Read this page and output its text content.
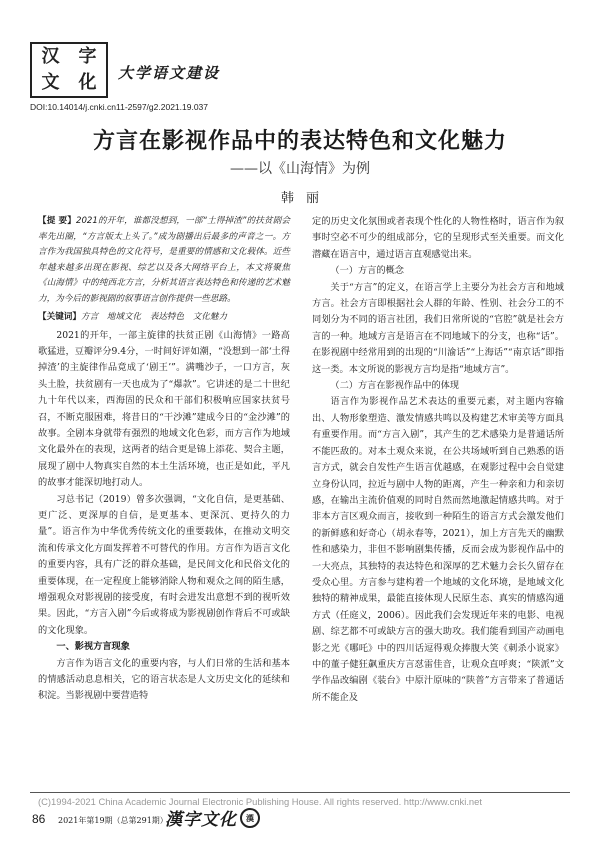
汉	字
文	化	大学语文建设
DOI:10.14014/j.cnki.cn11-2597/g2.2021.19.037
方言在影视作品中的表达特色和文化魅力
——以《山海情》为例
韩丽
【提 要】2021的开年，谁都没想到，一部“土得掉渣”的扶贫剧会率先出圈，“方言版太上头了。”成为剧播出后最多的声音之一。方言作为我国独具特色的文化符号，是重要的情感和文化载体。近些年越来越多出现在影视、综艺以及各大网络平台上，本文将聚焦《山海情》中的纯西北方言，分析其语言表达特色和传递的艺术魅力，为今后的影视剧的叙事语言创作提供一些思路。
【关键词】方言　地域文化　表达特色　文化魅力

2021的开年，一部主旋律的扶贫正剧《山海情》一路高歌猛进，豆瓣评分9.4分，一时间好评如潮，“没想到一部‘土得掉渣’的主旋律作品竟成了‘剧王’”。满嘴沙子，一口方言，灰头土脸，扶贫剧有一天也成为了“爆款”。它讲述的是二十世纪九十年代以来，西海固的民众和干部们积极响应国家扶贫号召，不断克服困难，将昔日的“干沙滩”建成今日的“金沙滩”的故事。全剧本身就带有强烈的地域文化色彩，而方言作为地域文化最外在的表现，这两者的结合更是锦上添花、契合主题，展现了剧中人物真实自然的本土生活环境，也正是如此，平凡的故事才能深切地打动人。

习总书记（2019）曾多次强调，“文化自信，是更基础、更广泛、更深厚的自信，是更基本、更深沉、更持久的力量”。语言作为中华优秀传统文化的重要载体，在推动文明交流和传承文化方面发挥着不可替代的作用。方言作为语言文化的重要内容，具有广泛的群众基础，是民间文化和民俗文化的重要体现，在一定程度上能够消除人物和观众之间的陌生感，增强观众对影视剧的接受度，有时会进发出意想不到的视听效果。因此，“方言入剧”今后或将成为影视剧创作背后不可或缺的文化现象。

一、影视方言现象

方言作为语言文化的重要内容，与人们日常的生活和基本的情感活动息息相关，它的语言状态是人文历史文化的延续和积淀。当影视剧中要营造特

定的历史文化氛围或者表现个性化的人物性格时，语言作为叙事时空必不可少的组成部分，它的呈现形式至关重要。而文化潜藏在语言中，通过语言直观感觉出来。

（一）方言的概念

关于“方言”的定义，在语言学上主要分为社会方言和地域方言。社会方言即根据社会人群的年龄、性别、社会分工的不同划分为不同的语言社团，我们日常所说的“官腔”就是社会方言的一种。地域方言是语言在不同地域下的分支，也称“话”。在影视剧中经常用到的出现的“川渝话”“上海话”“南京话”即指这一类。本文所说的影视方言均是指“地域方言”。

（二）方言在影视作品中的体现

语言作为影视作品艺术表达的重要元素，对主题内容输出、人物形象塑造、激发情感共鸣以及构建艺术审美等方面具有重要作用。而“方言入剧”，其产生的艺术感染力是普通话所不能匹敌的。对本土观众来说，在公共场域听到自己熟悉的语言方式，就会自发性产生语言优越感，在观影过程中会自觉建立身份认同，拉近与剧中人物的距离，产生一种亲和力和亲切感，在输出主流价值观的同时自然而然地激起情感共鸣。对于非本方言区观众而言，接收到一种陌生的语言方式会激发他们的新鲜感和好奇心（胡永春等，2021），加上方言先天的幽默性和感染力，非但不影响剧集传播，反而会成为影视作品中的一大亮点，其独特的表达特色和深厚的艺术魅力会长久留存在受众心里。方言参与建构着一个地域的文化环境，是地域文化独特的精神成果，最能直接体现人民原生态、真实的情感沟通方式（任庭义，2006）。因此我们会发现近年来的电影、电视剧、综艺都不可或缺方言的强大助攻。我们能看到国产动画电影之光《哪吒》中的四川话逗得观众捧腹大笑《刺杀小说家》中的董子健狂飙重庆方言怼雷佳音，让观众直呼爽；“陕派”文学作品改编剧《装台》中原汁原味的“陕普”方言带来了普通话所不能企及

(C)1994-2021 China Academic Journal Electronic Publishing House. All rights reserved. http://www.cnki.net
86 2021年第19期（总第291期）
漢字文化	漢
